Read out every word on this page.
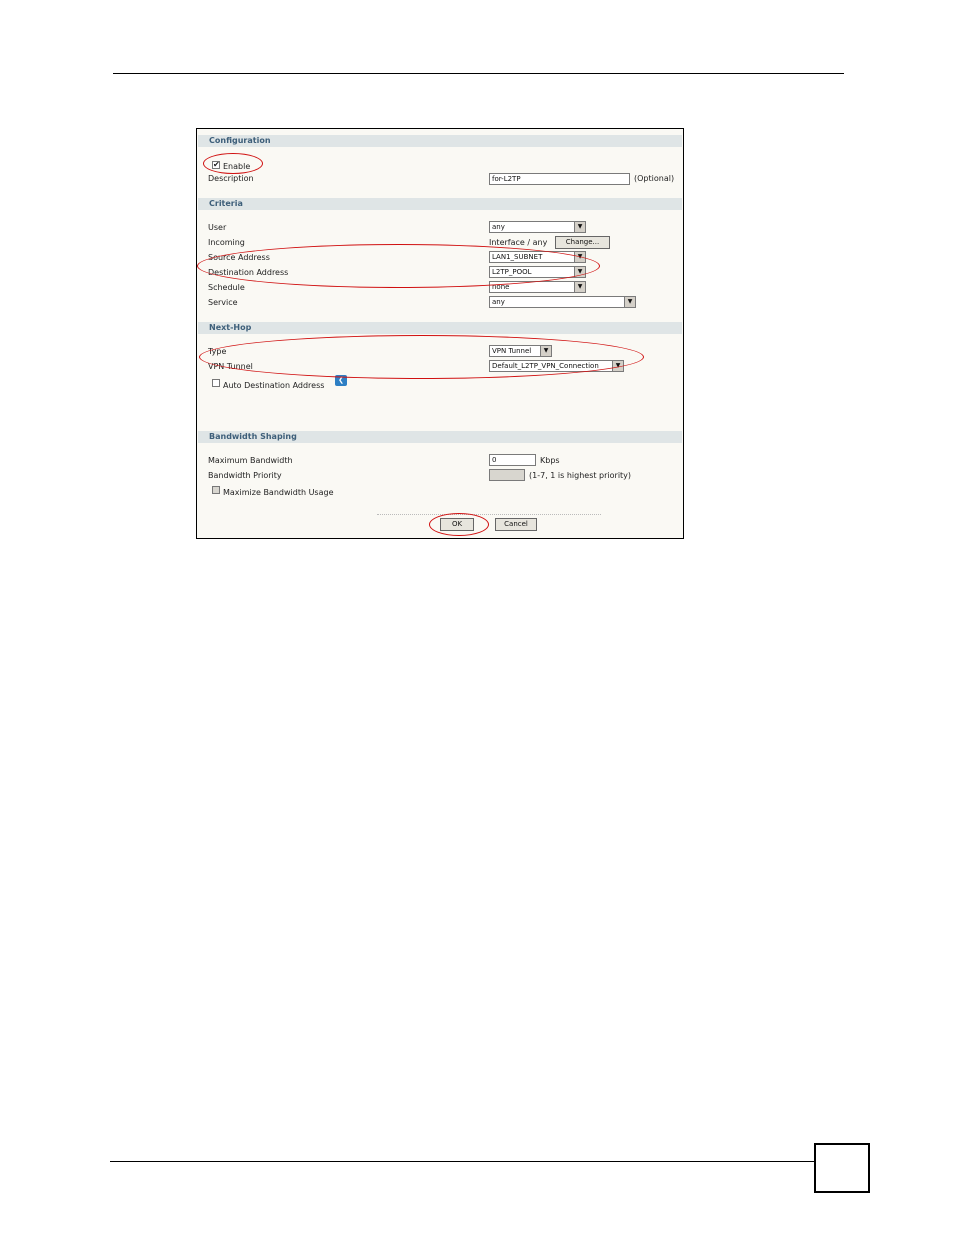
Configuration
✔ Enable
Description	for-L2TP	(Optional)
Criteria
User	any	▼
Incoming	Interface / any	Change...
Source Address	LAN1_SUBNET	▼
Destination Address	L2TP_POOL	▼
Schedule	none	▼
Service	any	▼
Next-Hop
Type	VPN Tunnel	▼
VPN Tunnel	Default_L2TP_VPN_Connection	▼
Auto Destination Address
❮
Bandwidth Shaping
Maximum Bandwidth	0	Kbps
Bandwidth Priority	(1-7, 1 is highest priority)
Maximize Bandwidth Usage
OK	Cancel
